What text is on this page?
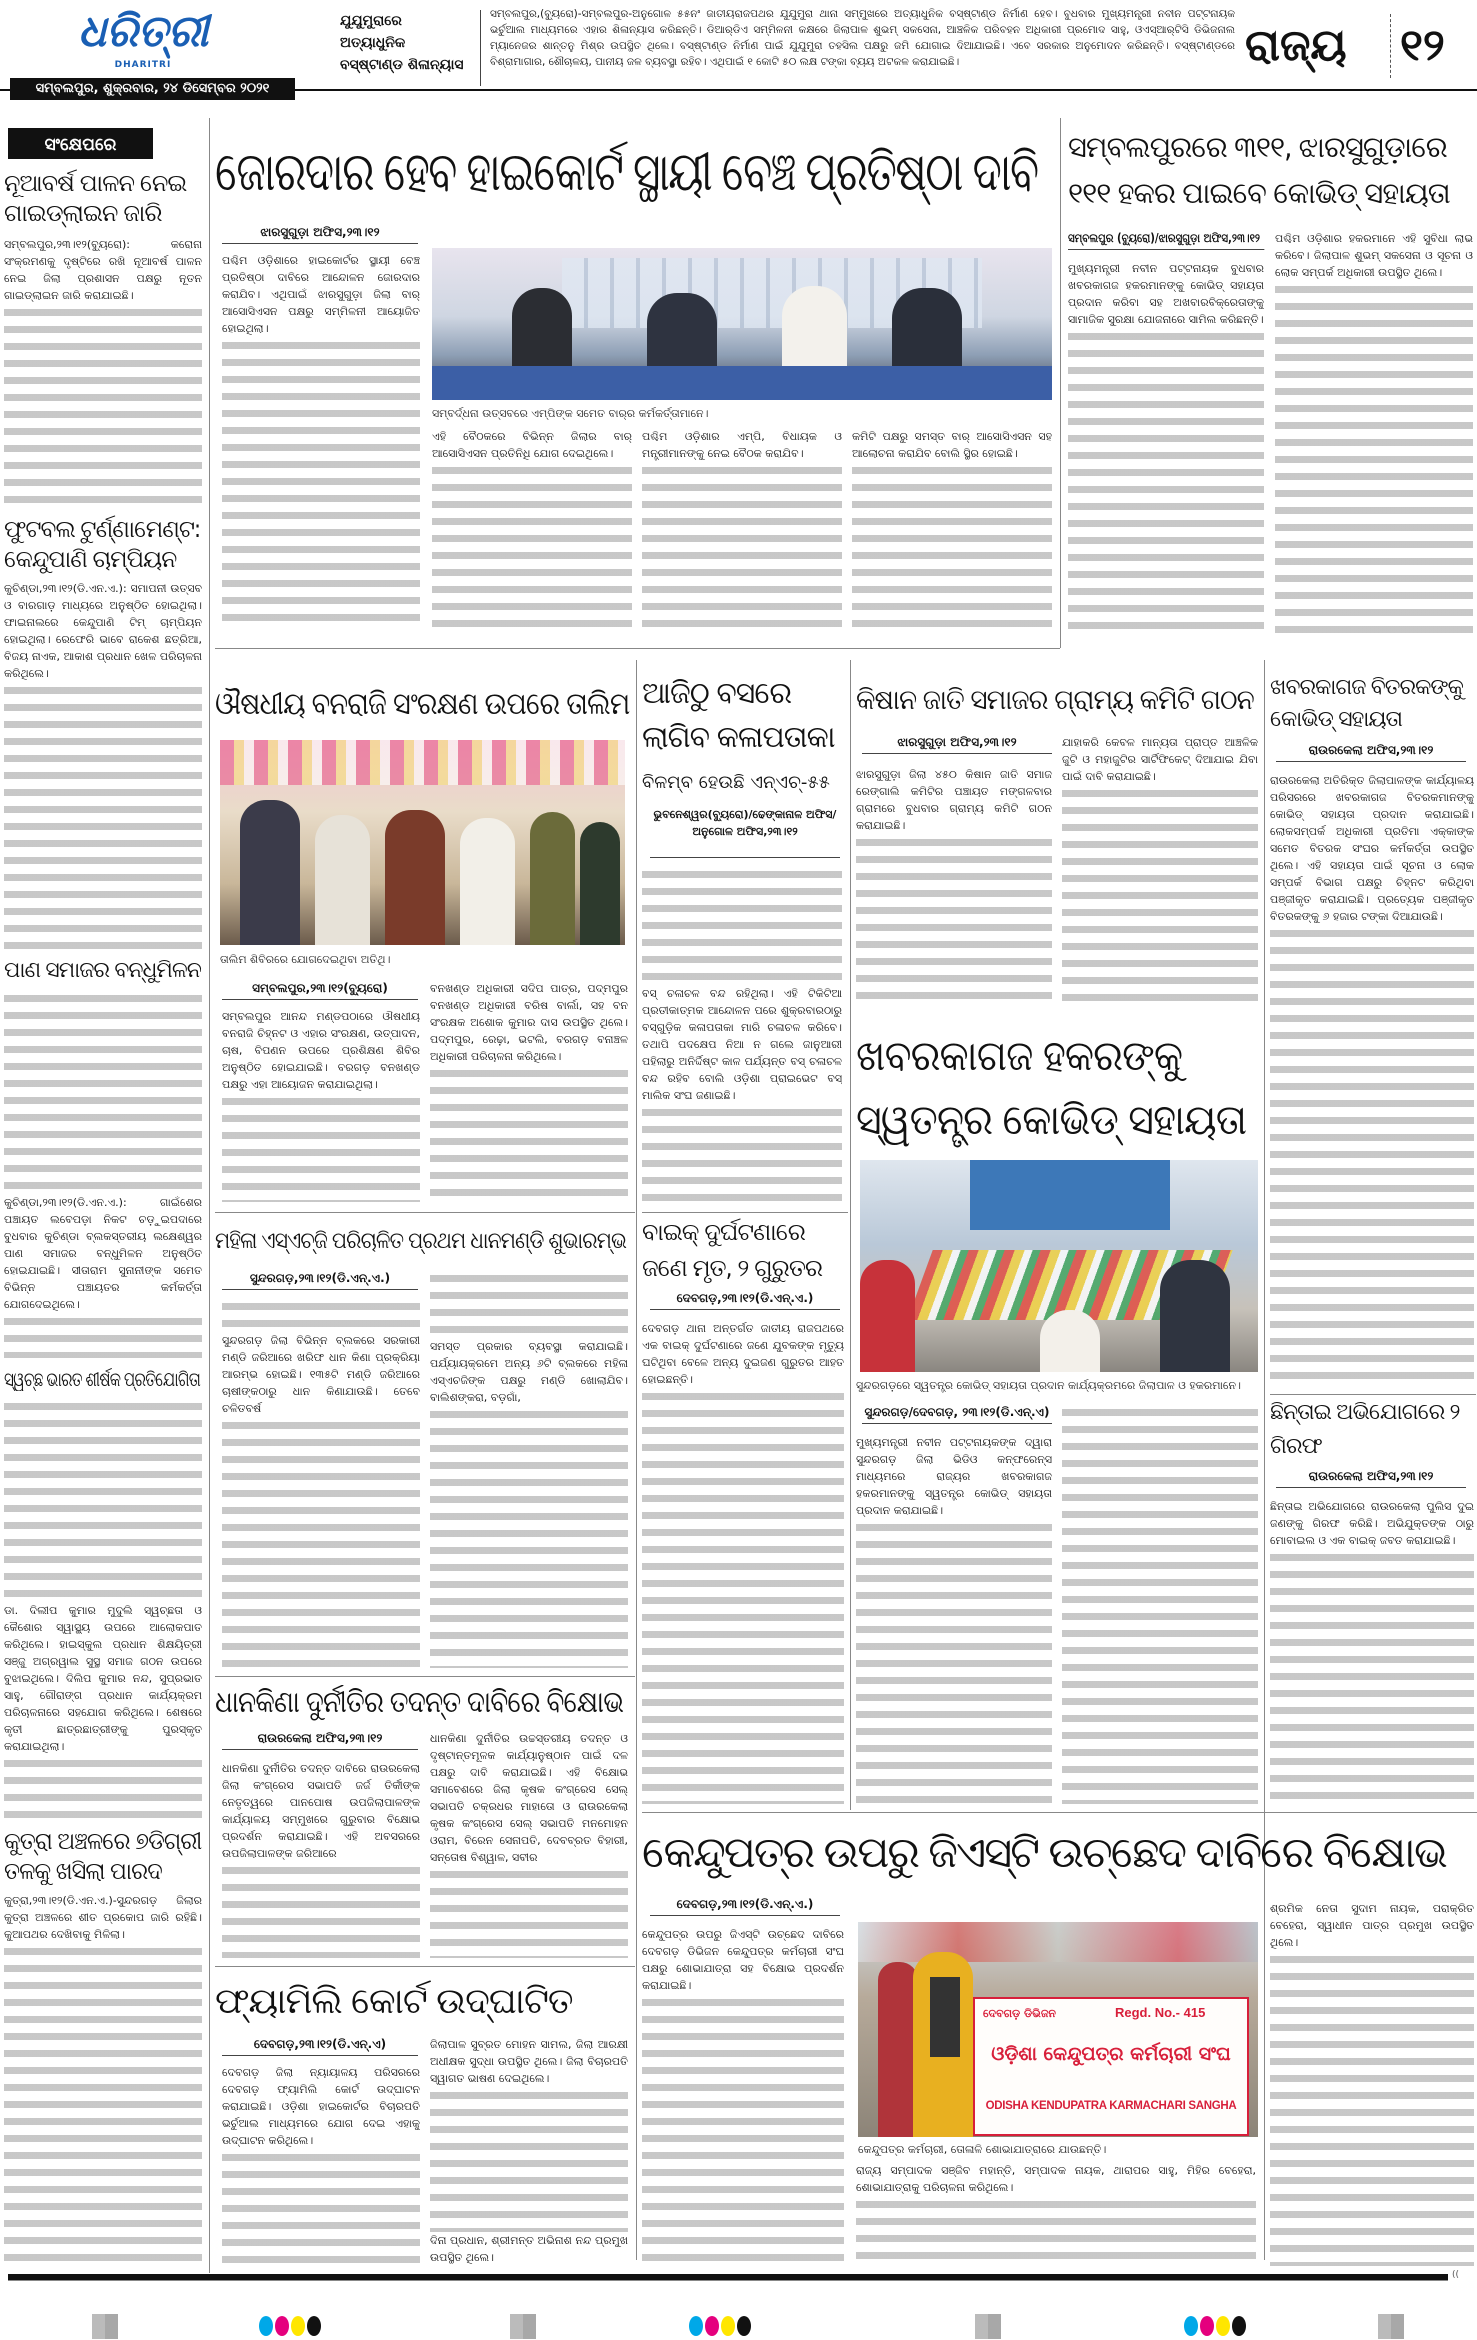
ଧରିତ୍ରୀ
DHARITRI
ସମ୍ବଲପୁର, ଶୁକ୍ରବାର, ୨୪ ଡିସେମ୍ବର ୨୦୨୧
ଯୁଯୁମୁରାରେ ଅତ୍ୟାଧୁନିକ ବସ୍‌ଷ୍ଟାଣ୍ଡ ଶିଳାନ୍ୟାସ
ସମ୍ବଲପୁର,(ବ୍ୟୁରୋ)-ସମ୍ବଲପୁର-ଅନୁଗୋଳ ୫୫ନଂ ଜାତୀୟରାଜପଥର ଯୁଯୁମୁରା ଥାନା ସମ୍ମୁଖରେ ଅତ୍ୟାଧୁନିକ ବସ୍‌ଷ୍ଟାଣ୍ଡ ନିର୍ମାଣ ହେବ। ବୁଧବାର ମୁଖ୍ୟମନ୍ତ୍ରୀ ନବୀନ ପଟ୍ଟନାୟକ ଭର୍ଚୁଆଲ ମାଧ୍ୟମରେ ଏହାର ଶିଳାନ୍ୟାସ କରିଛନ୍ତି। ଡିଆର୍‌ଡିଏ ସମ୍ମିଳନୀ କକ୍ଷରେ ଜିଲାପାଳ ଶୁଭମ୍ ସକସେନା, ଆଞ୍ଚଳିକ ପରିବହନ ଅଧିକାରୀ ପ୍ରମୋଦ ସାହୁ, ଓଏସ୍‌ଆର୍‌ଟିସି ଡିଭିଜନାଲ ମ୍ୟାନେଜର ଶାନ୍ତନୁ ମିଶ୍ର ଉପସ୍ଥିତ ଥିଲେ। ବସ୍‌ଷ୍ଟାଣ୍ଡ ନିର୍ମାଣ ପାଇଁ ଯୁଯୁମୁରା ତହସିଲ ପକ୍ଷରୁ ଜମି ଯୋଗାଇ ଦିଆଯାଇଛି। ଏବେ ସରକାର ଅନୁମୋଦନ କରିଛନ୍ତି। ବସ୍‌ଷ୍ଟାଣ୍ଡରେ ବିଶ୍ରାମାଗାର, ଶୌଚାଳୟ, ପାନୀୟ ଜଳ ବ୍ୟବସ୍ଥା ରହିବ। ଏଥିପାଇଁ ୧ କୋଟି ୫୦ ଲକ୍ଷ ଟଙ୍କା ବ୍ୟୟ ଅଟକଳ କରାଯାଇଛି।	ରାଜ୍ୟ	୧୨
ସଂକ୍ଷେପରେ
ନୂଆବର୍ଷ ପାଳନ ନେଇ ଗାଇଡ୍‌ଲାଇନ ଜାରି
ସମ୍ବଲପୁର,୨୩।୧୨(ବ୍ୟୁରୋ): କରୋନା ସଂକ୍ରମଣକୁ ଦୃଷ୍ଟିରେ ରଖି ନୂଆବର୍ଷ ପାଳନ ନେଇ ଜିଲା ପ୍ରଶାସନ ପକ୍ଷରୁ ନୂତନ ଗାଇଡ୍‌ଲାଇନ ଜାରି କରାଯାଇଛି।
ଫୁଟବଲ ଟୁର୍ଣ୍ଣାମେଣ୍ଟ: କେନ୍ଦୁପାଣି ଚାମ୍ପିୟନ
କୁଚିଣ୍ଡା,୨୩।୧୨(ଡି.ଏନ.ଏ.): ସମାପନୀ ଉତ୍ସବ ଓ ବାରଗାଡ଼ ମାଧ୍ୟରେ ଅନୁଷ୍ଠିତ ହୋଇଥିଲା। ଫାଇନାଲରେ କେନ୍ଦୁପାଣି ଟିମ୍ ଚାମ୍ପିୟନ ହୋଇଥିଲା। ରେଫେରି ଭାବେ ରାକେଶ ଛତ୍ରିଆ, ବିଜୟ ନାଏକ, ଆକାଶ ପ୍ରଧାନ ଖେଳ ପରିଚାଳନା କରିଥିଲେ।
ପାଣ ସମାଜର ବନ୍ଧୁମିଳନ
କୁଚିଣ୍ଡା,୨୩।୧୨(ଡି.ଏନ.ଏ.): ଗାଇଁଶେର ପଞ୍ଚାୟତ ଲବେପଡ଼ା ନିକଟ ଚଡ଼ୁଇପଦାରେ ବୁଧବାର କୁଚିଣ୍ଡା ବ୍ଲକସ୍ତରୀୟ ଲକ୍ଷେଶ୍ୱର ପାଣ ସମାଜର ବନ୍ଧୁମିଳନ ଅନୁଷ୍ଠିତ ହୋଇଯାଇଛି। ସୀତାରାମ ସୁନାନୀଙ୍କ ସମେତ ବିଭିନ୍ନ ପଞ୍ଚାୟତର କର୍ମକର୍ତ୍ତା ଯୋଗଦେଇଥିଲେ।
ସ୍ୱଚ୍ଛ ଭାରତ ଶୀର୍ଷକ ପ୍ରତିଯୋଗିତା
ଡା. ଦିଲୀପ କୁମାର ମୁଦୁଲି ସ୍ୱଚ୍ଛତା ଓ କୈଶୋର ସ୍ୱାସ୍ଥ୍ୟ ଉପରେ ଆଲୋକପାତ କରିଥିଲେ। ହାଇସ୍କୁଲ ପ୍ରଧାନ ଶିକ୍ଷୟିତ୍ରୀ ସଞ୍ଜୁ ଅଗ୍ରୱାଲ ସୁସ୍ଥ ସମାଜ ଗଠନ ଉପରେ ବୁଝାଇଥିଲେ। ଦିଲିପ କୁମାର ନନ୍ଦ, ସୁପ୍ରଭାତ ସାହୁ, ଗୌରାଙ୍ଗ ପ୍ରଧାନ କାର୍ଯ୍ୟକ୍ରମ ପରିଚାଳନାରେ ସହଯୋଗ କରିଥିଲେ। ଶେଷରେ କୃତୀ ଛାତ୍ରଛାତ୍ରୀଙ୍କୁ ପୁରସ୍କୃତ କରାଯାଇଥିଲା।
କୁତ୍ରା ଅଞ୍ଚଳରେ ୭ଡିଗ୍ରୀ ତଳକୁ ଖସିଲା ପାରଦ
କୁତ୍ରା,୨୩।୧୨(ଡି.ଏନ.ଏ.)-ସୁନ୍ଦରଗଡ଼ ଜିଲାର କୁତ୍ରା ଅଞ୍ଚଳରେ ଶୀତ ପ୍ରକୋପ ଜାରି ରହିଛି। କୁଆପଥର ଦେଖିବାକୁ ମିଳିଲା।
ଜୋରଦାର ହେବ ହାଇକୋର୍ଟ ସ୍ଥାୟୀ ବେଞ୍ଚ ପ୍ରତିଷ୍ଠା ଦାବି
ଝାରସୁଗୁଡ଼ା ଅଫିସ,୨୩।୧୨
ପଶ୍ଚିମ ଓଡ଼ିଶାରେ ହାଇକୋର୍ଟର ସ୍ଥାୟୀ ବେଞ୍ଚ ପ୍ରତିଷ୍ଠା ଦାବିରେ ଆନ୍ଦୋଳନ ଜୋରଦାର କରାଯିବ। ଏଥିପାଇଁ ଝାରସୁଗୁଡ଼ା ଜିଲା ବାର୍ ଆସୋସିଏସନ ପକ୍ଷରୁ ସମ୍ମିଳନୀ ଆୟୋଜିତ ହୋଇଥିଲା।
ସମ୍ବର୍ଦ୍ଧନା ଉତ୍ସବରେ ଏମ୍‌ପିଙ୍କ ସମେତ ବାର୍‌ର କର୍ମକର୍ତ୍ତାମାନେ।
ଏହି ବୈଠକରେ ବିଭିନ୍ନ ଜିଲାର ବାର୍ ଆସୋସିଏସନ ପ୍ରତିନିଧି ଯୋଗ ଦେଇଥିଲେ।
ପଶ୍ଚିମ ଓଡ଼ିଶାର ଏମ୍‌ପି, ବିଧାୟକ ଓ ମନ୍ତ୍ରୀମାନଙ୍କୁ ନେଇ ବୈଠକ କରାଯିବ।
କମିଟି ପକ୍ଷରୁ ସମସ୍ତ ବାର୍ ଆସୋସିଏସନ ସହ ଆଲୋଚନା କରାଯିବ ବୋଲି ସ୍ଥିର ହୋଇଛି।
ସମ୍ବଲପୁରରେ ୩୧୧, ଝାରସୁଗୁଡ଼ାରେ ୧୧୧ ହକର ପାଇବେ କୋଭିଡ୍ ସହାୟତା
ସମ୍ବଲପୁର (ବ୍ୟୁରୋ)/ଝାରସୁଗୁଡ଼ା ଅଫିସ,୨୩।୧୨
ମୁଖ୍ୟମନ୍ତ୍ରୀ ନବୀନ ପଟ୍ଟନାୟକ ବୁଧବାର ଖବରକାଗଜ ହକରମାନଙ୍କୁ କୋଭିଡ୍ ସହାୟତା ପ୍ରଦାନ କରିବା ସହ ଅଖବାରବିକ୍ରେତାଙ୍କୁ ସାମାଜିକ ସୁରକ୍ଷା ଯୋଜନାରେ ସାମିଲ କରିଛନ୍ତି।
ପଶ୍ଚିମ ଓଡ଼ିଶାର ହକରମାନେ ଏହି ସୁବିଧା ଲାଭ କରିବେ। ଜିଲାପାଳ ଶୁଭମ୍ ସକସେନା ଓ ସୂଚନା ଓ ଲୋକ ସମ୍ପର୍କ ଅଧିକାରୀ ଉପସ୍ଥିତ ଥିଲେ।
ଔଷଧୀୟ ବନରାଜି ସଂରକ୍ଷଣ ଉପରେ ତାଲିମ
ତାଲିମ ଶିବିରରେ ଯୋଗଦେଇଥିବା ଅତିଥି।
ସମ୍ବଲପୁର,୨୩।୧୨(ବ୍ୟୁରୋ)
ସମ୍ବଲପୁର ଆନନ୍ଦ ମଣ୍ଡପଠାରେ ଔଷଧୀୟ ବନରାଜି ଚିହ୍ନଟ ଓ ଏହାର ସଂରକ୍ଷଣ, ଉତ୍ପାଦନ, ଚାଷ, ବିପଣନ ଉପରେ ପ୍ରଶିକ୍ଷଣ ଶିବିର ଅନୁଷ୍ଠିତ ହୋଇଯାଇଛି। ବରଗଡ଼ ବନଖଣ୍ଡ ପକ୍ଷରୁ ଏହା ଆୟୋଜନ କରାଯାଇଥିଲା।
ବନଖଣ୍ଡ ଅଧିକାରୀ ସଦିପ ପାତ୍ର, ପଦ୍ମପୁର ବନଖଣ୍ଡ ଅଧିକାରୀ ବରିଷ ବାର୍ଲା, ସହ ବନ ସଂରକ୍ଷକ ଅଶୋକ କୁମାର ଦାସ ଉପସ୍ଥିତ ଥିଲେ। ପଦ୍ମପୁର, ରେଢ଼ା, ଭଟଲି, ବରଗଡ଼ ବନାଞ୍ଚଳ ଅଧିକାରୀ ପରିଚାଳନା କରିଥିଲେ।
ଆଜିଠୁ ବସରେ ଲାଗିବ କଳାପତାକା
ବିଳମ୍ବ ହେଉଛି ଏନ୍‌ଏଚ୍-୫୫
ଭୁବନେଶ୍ୱର(ବ୍ୟୁରୋ)/ଢେଙ୍କାନାଳ ଅଫିସ/ଅନୁଗୋଳ ଅଫିସ,୨୩।୧୨
ବସ୍ ଚଳାଚଳ ବନ୍ଦ ରହିଥିଲା। ଏହି ଟିକିଟିଆ ପ୍ରତୀକାତ୍ମକ ଆନ୍ଦୋଳନ ପରେ ଶୁକ୍ରବାରଠାରୁ ବସ୍‌ଗୁଡ଼ିକ କଳାପତାକା ମାରି ଚଳାଚଳ କରିବେ। ତଥାପି ପଦକ୍ଷେପ ନିଆ ନ ଗଲେ ଜାନୁଆରୀ ପହିଲାରୁ ଅନିର୍ଦ୍ଦିଷ୍ଟ କାଳ ପର୍ଯ୍ୟନ୍ତ ବସ୍ ଚଳାଚଳ ବନ୍ଦ ରହିବ ବୋଲି ଓଡ଼ିଶା ପ୍ରାଇଭେଟ ବସ୍ ମାଲିକ ସଂଘ ଜଣାଇଛି।
କିଷାନ ଜାତି ସମାଜର ଗ୍ରାମ୍ୟ କମିଟି ଗଠନ
ଝାରସୁଗୁଡ଼ା ଅଫିସ,୨୩।୧୨
ଝାରସୁଗୁଡ଼ା ଜିଲା ୪୫୦ କିଷାନ ଜାତି ସମାଜ ରେଙ୍ଗାଲି କମିଟିର ପଞ୍ଚାୟତ ମଙ୍ଗଳବାର ଗ୍ରାମରେ ବୁଧବାର ଗ୍ରାମ୍ୟ କମିଟି ଗଠନ କରାଯାଇଛି।
ଯାହାକରି କେବଳ ମାନ୍ୟତା ପ୍ରାପ୍ତ ଆଞ୍ଚଳିକ ଜୁଟି ଓ ମହାଜୁଟିର ସାର୍ଟିଫିକେଟ୍ ଦିଆଯାଇ ଯିବା ପାଇଁ ଦାବି କରାଯାଇଛି।
ଖବରକାଗଜ ବିତରକଙ୍କୁ କୋଭିଡ୍ ସହାୟତା
ରାଉରକେଲା ଅଫିସ,୨୩।୧୨
ରାଉରକେଲା ଅତିରିକ୍ତ ଜିଲାପାଳଙ୍କ କାର୍ଯ୍ୟାଳୟ ପରିସରରେ ଖବରକାଗଜ ବିତରକମାନଙ୍କୁ କୋଭିଡ୍ ସହାୟତା ପ୍ରଦାନ କରାଯାଇଛି। ଲୋକସମ୍ପର୍କ ଅଧିକାରୀ ପ୍ରତିମା ଏକ୍କାଙ୍କ ସମେତ ବିତରକ ସଂଘର କର୍ମକର୍ତ୍ତା ଉପସ୍ଥିତ ଥିଲେ। ଏହି ସହାୟତା ପାଇଁ ସୂଚନା ଓ ଲୋକ ସମ୍ପର୍କ ବିଭାଗ ପକ୍ଷରୁ ଚିହ୍ନଟ କରିଥିବା ପଞ୍ଜୀକୃତ କରାଯାଇଛି। ପ୍ରତ୍ୟେକ ପଞ୍ଜୀକୃତ ବିତରକଙ୍କୁ ୬ ହଜାର ଟଙ୍କା ଦିଆଯାଉଛି।
ଖବରକାଗଜ ହକରଙ୍କୁ ସ୍ୱତନ୍ତ୍ର କୋଭିଡ୍ ସହାୟତା
ସୁନ୍ଦରଗଡ଼ରେ ସ୍ୱତନ୍ତ୍ର କୋଭିଡ୍ ସହାୟତା ପ୍ରଦାନ କାର୍ଯ୍ୟକ୍ରମରେ ଜିଲାପାଳ ଓ ହକରମାନେ।
ସୁନ୍ଦରଗଡ଼/ଦେବଗଡ଼, ୨୩।୧୨(ଡି.ଏନ୍.ଏ)
ମୁଖ୍ୟମନ୍ତ୍ରୀ ନବୀନ ପଟ୍ଟନାୟକଙ୍କ ଦ୍ୱାରା ସୁନ୍ଦରଗଡ଼ ଜିଲା ଭିଡିଓ କନ୍‌ଫରେନ୍ସ ମାଧ୍ୟମରେ ରାଜ୍ୟର ଖବରକାଗଜ ହକରମାନଙ୍କୁ ସ୍ୱତନ୍ତ୍ର କୋଭିଡ୍ ସହାୟତା ପ୍ରଦାନ କରାଯାଇଛି।
ମହିଳା ଏସ୍‌ଏଚ୍‌ଜି ପରିଚାଳିତ ପ୍ରଥମ ଧାନମଣ୍ଡି ଶୁଭାରମ୍ଭ
ସୁନ୍ଦରଗଡ଼,୨୩।୧୨(ଡି.ଏନ୍.ଏ.)
ସୁନ୍ଦରଗଡ଼ ଜିଲା ବିଭିନ୍ନ ବ୍ଲକରେ ସରକାରୀ ମଣ୍ଡି ଜରିଆରେ ଖରିଫ ଧାନ କିଣା ପ୍ରକ୍ରିୟା ଆରମ୍ଭ ହୋଇଛି। ୧୩୫ଟି ମଣ୍ଡି ଜରିଆରେ ଚାଷୀଙ୍କଠାରୁ ଧାନ କିଣାଯାଉଛି। ତେବେ ଚଳିତବର୍ଷ
ସମସ୍ତ ପ୍ରକାର ବ୍ୟବସ୍ଥା କରାଯାଇଛି। ପର୍ଯ୍ୟାୟକ୍ରମେ ଅନ୍ୟ ୬ଟି ବ୍ଲକରେ ମହିଳା ଏସ୍‌ଏଚଜିଙ୍କ ପକ୍ଷରୁ ମଣ୍ଡି ଖୋଲାଯିବ। ବାଲିଶଙ୍କରା, ବଡ଼ଗାଁ,
ବାଇକ୍ ଦୁର୍ଘଟଣାରେ ଜଣେ ମୃତ, ୨ ଗୁରୁତର
ଦେବଗଡ଼,୨୩।୧୨(ଡି.ଏନ୍.ଏ.)
ଦେବଗଡ଼ ଥାନା ଅନ୍ତର୍ଗତ ଜାତୀୟ ରାଜପଥରେ ଏକ ବାଇକ୍ ଦୁର୍ଘଟଣାରେ ଜଣେ ଯୁବକଙ୍କ ମୃତ୍ୟୁ ଘଟିଥିବା ବେଳେ ଅନ୍ୟ ଦୁଇଜଣ ଗୁରୁତର ଆହତ ହୋଇଛନ୍ତି।
ଛିନ୍ତାଇ ଅଭିଯୋଗରେ ୨ ଗିରଫ
ରାଉରକେଲା ଅଫିସ,୨୩।୧୨
ଛିନ୍ତାଇ ଅଭିଯୋଗରେ ରାଉରକେଲା ପୁଲିସ ଦୁଇ ଜଣଙ୍କୁ ଗିରଫ କରିଛି। ଅଭିଯୁକ୍ତଙ୍କ ଠାରୁ ମୋବାଇଲ ଓ ଏକ ବାଇକ୍ ଜବତ କରାଯାଇଛି।
ଧାନକିଣା ଦୁର୍ନୀତିର ତଦନ୍ତ ଦାବିରେ ବିକ୍ଷୋଭ
ରାଉରକେଲା ଅଫିସ,୨୩।୧୨
ଧାନକିଣା ଦୁର୍ନୀତିର ତଦନ୍ତ ଦାବିରେ ରାଉରକେଲା ଜିଲା କଂଗ୍ରେସ ସଭାପତି ଜର୍ଜ ତିର୍କୀଙ୍କ ନେତୃତ୍ୱରେ ପାନପୋଷ ଉପଜିଲାପାଳଙ୍କ କାର୍ଯ୍ୟାଳୟ ସମ୍ମୁଖରେ ଗୁରୁବାର ବିକ୍ଷୋଭ ପ୍ରଦର୍ଶନ କରାଯାଇଛି। ଏହି ଅବସରରେ ଉପଜିଲାପାଳଙ୍କ ଜରିଆରେ
ଧାନକିଣା ଦୁର୍ନୀତିର ଉଚ୍ଚସ୍ତରୀୟ ତଦନ୍ତ ଓ ଦୃଷ୍ଟାନ୍ତମୂଳକ କାର୍ଯ୍ୟାନୁଷ୍ଠାନ ପାଇଁ ଦଳ ପକ୍ଷରୁ ଦାବି କରାଯାଇଛି। ଏହି ବିକ୍ଷୋଭ ସମାବେଶରେ ଜିଲା କୃଷକ କଂଗ୍ରେସ ସେଲ୍ ସଭାପତି ଚକ୍ରଧର ମାହାତୋ ଓ ରାଉରକେଲା କୃଷକ କଂଗ୍ରେସ ସେଲ୍ ସଭାପତି ମନମୋହନ ଓରାମ, ବିରେନ ସେନାପତି, ଦେବବ୍ରତ ବିହାରୀ, ସନ୍ତୋଷ ବିଶ୍ୱାଳ, ସବୀର
ଫ୍ୟାମିଲି କୋର୍ଟ ଉଦ୍‌ଘାଟିତ
ଦେବଗଡ଼,୨୩।୧୨(ଡି.ଏନ୍.ଏ)
ଦେବଗଡ଼ ଜିଲା ନ୍ୟାୟାଳୟ ପରିସରରେ ଦେବଗଡ଼ ଫ୍ୟାମିଲି କୋର୍ଟ ଉଦ୍‌ଘାଟନ କରାଯାଇଛି। ଓଡ଼ିଶା ହାଇକୋର୍ଟର ବିଚାରପତି ଭର୍ଚୁଆଲ ମାଧ୍ୟମରେ ଯୋଗ ଦେଇ ଏହାକୁ ଉଦ୍‌ଘାଟନ କରିଥିଲେ।
ଜିଲାପାଳ ସୁବ୍ରତ ମୋହନ ସାମଲ, ଜିଲା ଆରକ୍ଷୀ ଅଧୀକ୍ଷକ ସୁଦ୍ଧା ଉପସ୍ଥିତ ଥିଲେ। ଜିଲା ବିଚାରପତି ସ୍ୱାଗତ ଭାଷଣ ଦେଇଥିଲେ।
ଦିନା ପ୍ରଧାନ, ଶ୍ରୀମନ୍ତ ଅଭିନାଶ ନନ୍ଦ ପ୍ରମୁଖ ଉପସ୍ଥିତ ଥିଲେ।
କେନ୍ଦୁପତ୍ର ଉପରୁ ଜିଏସ୍‌ଟି ଉଚ୍ଛେଦ ଦାବିରେ ବିକ୍ଷୋଭ
ଦେବଗଡ଼,୨୩।୧୨(ଡି.ଏନ୍.ଏ.)
କେନ୍ଦୁପତ୍ର ଉପରୁ ଜିଏସ୍‌ଟି ଉଚ୍ଛେଦ ଦାବିରେ ଦେବଗଡ଼ ଡିଭିଜନ କେନ୍ଦୁପତ୍ର କର୍ମଚାରୀ ସଂଘ ପକ୍ଷରୁ ଶୋଭାଯାତ୍ରା ସହ ବିକ୍ଷୋଭ ପ୍ରଦର୍ଶନ କରାଯାଇଛି।
ଦେବଗଡ଼ ଡିଭିଜନ	Regd. No.- 415
ଓଡ଼ିଶା କେନ୍ଦୁପତ୍ର କର୍ମଚାରୀ ସଂଘ
ODISHA KENDUPATRA KARMACHARI SANGHA
କେନ୍ଦୁପତ୍ର କର୍ମଚାରୀ, ତୋଳାଳି ଶୋଭାଯାତ୍ରାରେ ଯାଉଛନ୍ତି।
ରାଜ୍ୟ ସମ୍ପାଦକ ସଞ୍ଜିବ ମହାନ୍ତି, ସମ୍ପାଦକ ନାୟକ, ଥାରାପର ସାହୁ, ମିହିର ବେହେରା, ଶୋଭାଯାତ୍ରାକୁ ପରିଚାଳନା କରିଥିଲେ।
ଶ୍ରମିକ ନେତା ସୁଦାମ ନାୟକ, ପରାକ୍ରିତ ବେହେରା, ସ୍ୱାଧୀନ ପାତ୍ର ପ୍ରମୁଖ ଉପସ୍ଥିତ ଥିଲେ।
((
